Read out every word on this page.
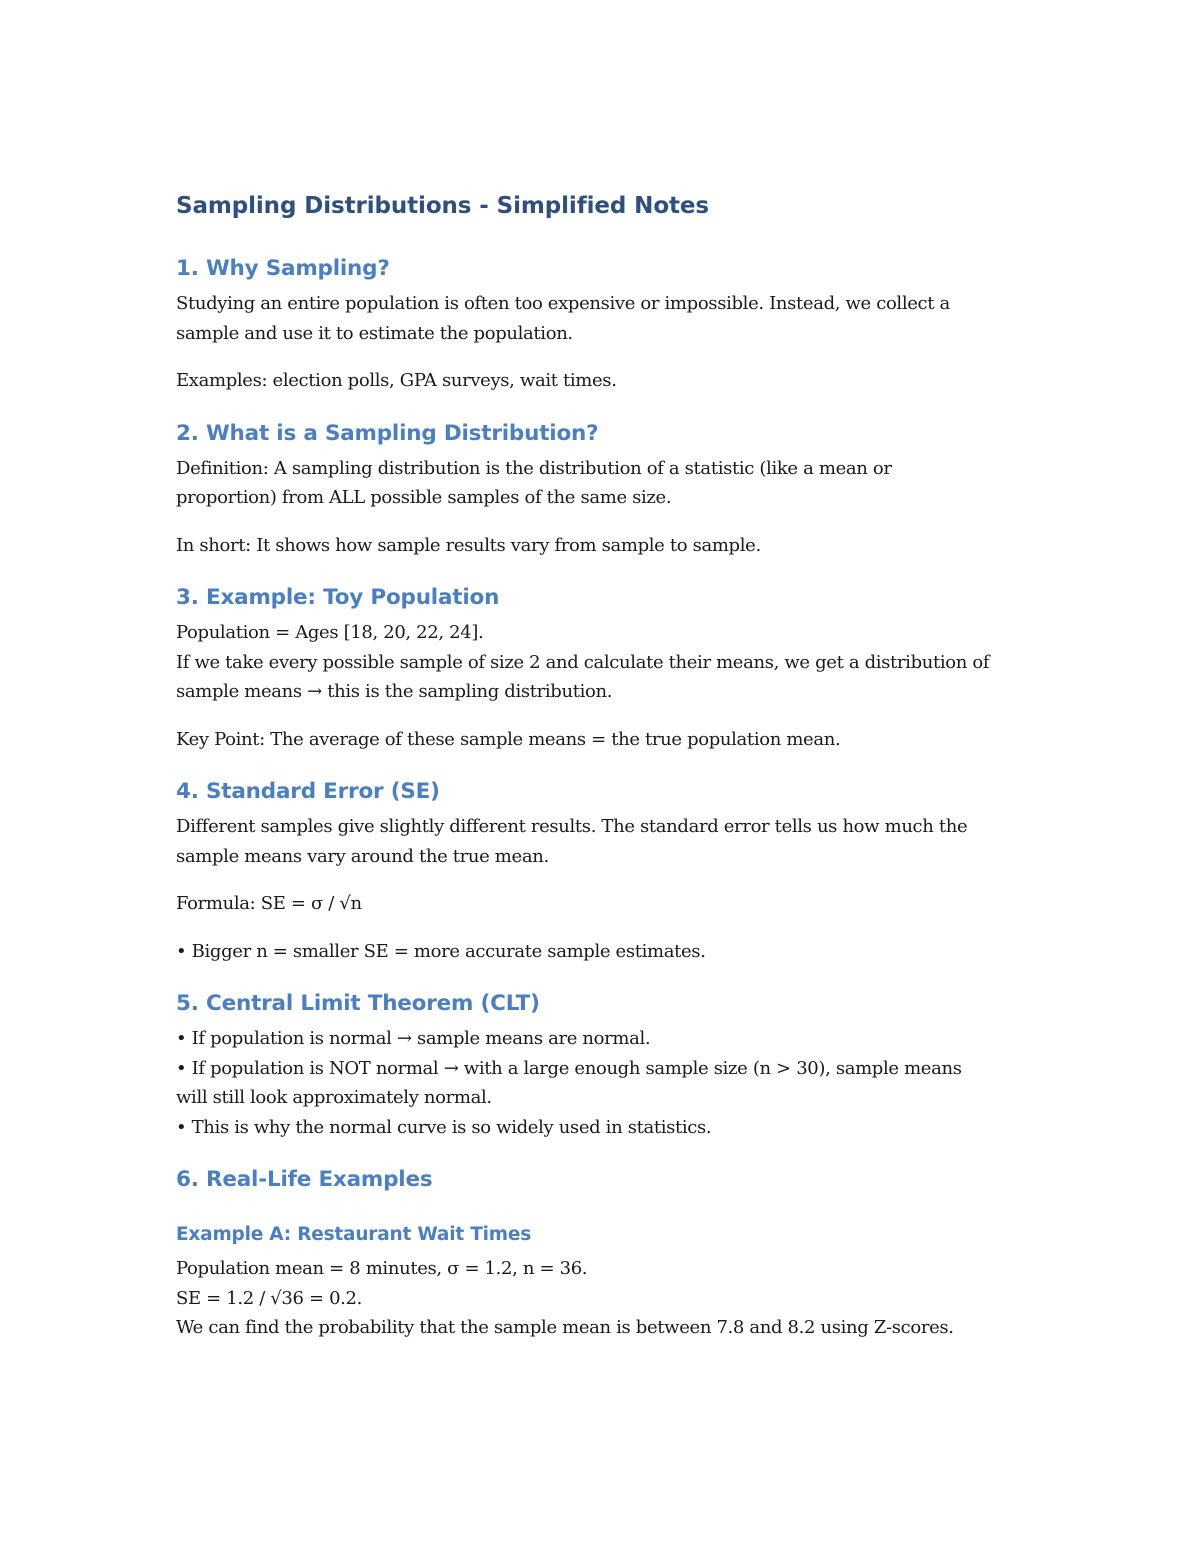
Sampling Distributions - Simplified Notes
1. Why Sampling?
Studying an entire population is often too expensive or impossible. Instead, we collect a
sample and use it to estimate the population.
Examples: election polls, GPA surveys, wait times.
2. What is a Sampling Distribution?
Definition: A sampling distribution is the distribution of a statistic (like a mean or
proportion) from ALL possible samples of the same size.
In short: It shows how sample results vary from sample to sample.
3. Example: Toy Population
Population = Ages [18, 20, 22, 24].
If we take every possible sample of size 2 and calculate their means, we get a distribution of
sample means → this is the sampling distribution.
Key Point: The average of these sample means = the true population mean.
4. Standard Error (SE)
Different samples give slightly different results. The standard error tells us how much the
sample means vary around the true mean.
Formula: SE = σ / √n
• Bigger n = smaller SE = more accurate sample estimates.
5. Central Limit Theorem (CLT)
• If population is normal → sample means are normal.
• If population is NOT normal → with a large enough sample size (n > 30), sample means
will still look approximately normal.
• This is why the normal curve is so widely used in statistics.
6. Real-Life Examples
Example A: Restaurant Wait Times
Population mean = 8 minutes, σ = 1.2, n = 36.
SE = 1.2 / √36 = 0.2.
We can find the probability that the sample mean is between 7.8 and 8.2 using Z-scores.
